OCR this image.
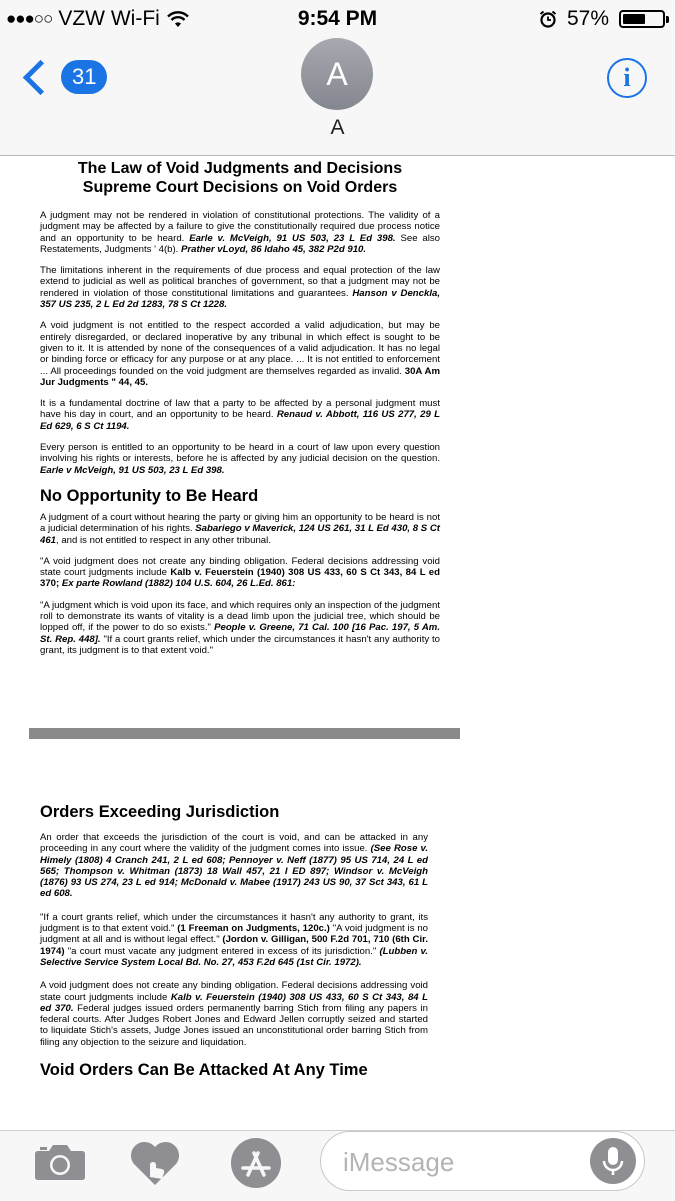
●●●○○ VZW Wi-Fi	9:54 PM	57%
31	A
A
i
The Law of Void Judgments and Decisions
Supreme Court Decisions on Void Orders

A judgment may not be rendered in violation of constitutional protections. The validity of a judgment may be affected by a failure to give the constitutionally required due process notice and an opportunity to be heard. Earle v. McVeigh, 91 US 503, 23 L Ed 398. See also Restatements, Judgments ' 4(b). Prather vLoyd, 86 Idaho 45, 382 P2d 910.

The limitations inherent in the requirements of due process and equal protection of the law extend to judicial as well as political branches of government, so that a judgment may not be rendered in violation of those constitutional limitations and guarantees. Hanson v Denckla, 357 US 235, 2 L Ed 2d 1283, 78 S Ct 1228.

A void judgment is not entitled to the respect accorded a valid adjudication, but may be entirely disregarded, or declared inoperative by any tribunal in which effect is sought to be given to it. It is attended by none of the consequences of a valid adjudication. It has no legal or binding force or efficacy for any purpose or at any place. ... It is not entitled to enforcement ... All proceedings founded on the void judgment are themselves regarded as invalid. 30A Am Jur Judgments " 44, 45.

It is a fundamental doctrine of law that a party to be affected by a personal judgment must have his day in court, and an opportunity to be heard. Renaud v. Abbott, 116 US 277, 29 L Ed 629, 6 S Ct 1194.

Every person is entitled to an opportunity to be heard in a court of law upon every question involving his rights or interests, before he is affected by any judicial decision on the question. Earle v McVeigh, 91 US 503, 23 L Ed 398.

No Opportunity to Be Heard

A judgment of a court without hearing the party or giving him an opportunity to be heard is not a judicial determination of his rights. Sabariego v Maverick, 124 US 261, 31 L Ed 430, 8 S Ct 461, and is not entitled to respect in any other tribunal.

"A void judgment does not create any binding obligation. Federal decisions addressing void state court judgments include Kalb v. Feuerstein (1940) 308 US 433, 60 S Ct 343, 84 L ed 370; Ex parte Rowland (1882) 104 U.S. 604, 26 L.Ed. 861:

"A judgment which is void upon its face, and which requires only an inspection of the judgment roll to demonstrate its wants of vitality is a dead limb upon the judicial tree, which should be lopped off, if the power to do so exists." People v. Greene, 71 Cal. 100 [16 Pac. 197, 5 Am. St. Rep. 448]. "If a court grants relief, which under the circumstances it hasn't any authority to grant, its judgment is to that extent void."

Orders Exceeding Jurisdiction

An order that exceeds the jurisdiction of the court is void, and can be attacked in any proceeding in any court where the validity of the judgment comes into issue. (See Rose v. Himely (1808) 4 Cranch 241, 2 L ed 608; Pennoyer v. Neff (1877) 95 US 714, 24 L ed 565; Thompson v. Whitman (1873) 18 Wall 457, 21 I ED 897; Windsor v. McVeigh (1876) 93 US 274, 23 L ed 914; McDonald v. Mabee (1917) 243 US 90, 37 Sct 343, 61 L ed 608.

"If a court grants relief, which under the circumstances it hasn't any authority to grant, its judgment is to that extent void." (1 Freeman on Judgments, 120c.) "A void judgment is no judgment at all and is without legal effect." (Jordon v. Gilligan, 500 F.2d 701, 710 (6th Cir. 1974) "a court must vacate any judgment entered in excess of its jurisdiction." (Lubben v. Selective Service System Local Bd. No. 27, 453 F.2d 645 (1st Cir. 1972).

A void judgment does not create any binding obligation. Federal decisions addressing void state court judgments include Kalb v. Feuerstein (1940) 308 US 433, 60 S Ct 343, 84 L ed 370. Federal judges issued orders permanently barring Stich from filing any papers in federal courts. After Judges Robert Jones and Edward Jellen corruptly seized and started to liquidate Stich's assets, Judge Jones issued an unconstitutional order barring Stich from filing any objection to the seizure and liquidation.

Void Orders Can Be Attacked At Any Time
iMessage
